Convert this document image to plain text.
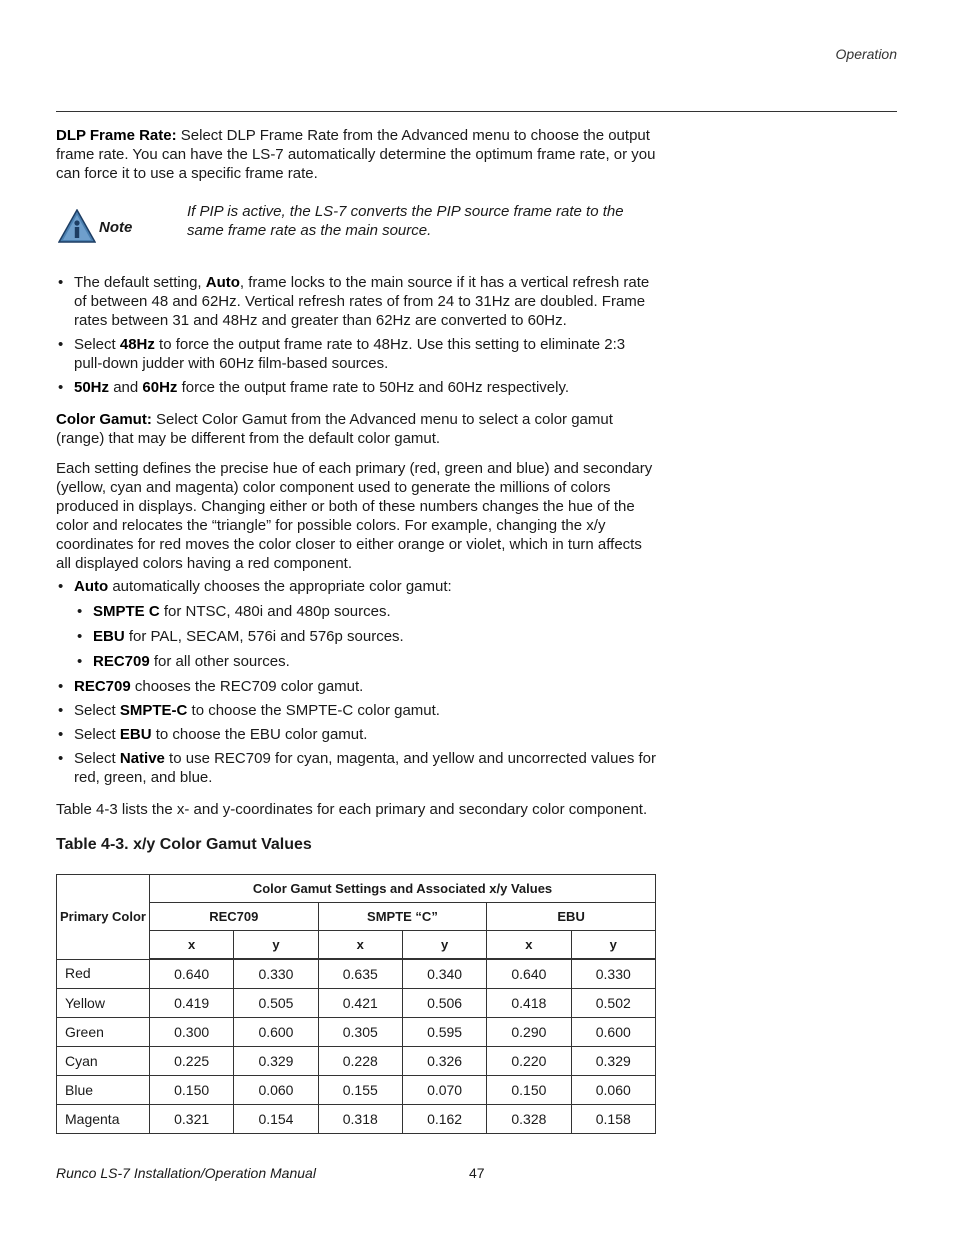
Operation

DLP Frame Rate: Select DLP Frame Rate from the Advanced menu to choose the output frame rate. You can have the LS-7 automatically determine the optimum frame rate, or you can force it to use a specific frame rate.

If PIP is active, the LS-7 converts the PIP source frame rate to the same frame rate as the main source.
Note
• The default setting, Auto, frame locks to the main source if it has a vertical refresh rate of between 48 and 62Hz. Vertical refresh rates of from 24 to 31Hz are doubled. Frame rates between 31 and 48Hz and greater than 62Hz are converted to 60Hz.
• Select 48Hz to force the output frame rate to 48Hz. Use this setting to eliminate 2:3 pull-down judder with 60Hz film-based sources.
• 50Hz and 60Hz force the output frame rate to 50Hz and 60Hz respectively.

Color Gamut: Select Color Gamut from the Advanced menu to select a color gamut (range) that may be different from the default color gamut.

Each setting defines the precise hue of each primary (red, green and blue) and secondary (yellow, cyan and magenta) color component used to generate the millions of colors produced in displays. Changing either or both of these numbers changes the hue of the color and relocates the “triangle” for possible colors. For example, changing the x/y coordinates for red moves the color closer to either orange or violet, which in turn affects all displayed colors having a red component.

• Auto automatically chooses the appropriate color gamut:
• SMPTE C for NTSC, 480i and 480p sources.
• EBU for PAL, SECAM, 576i and 576p sources.
• REC709 for all other sources.
• REC709 chooses the REC709 color gamut.
• Select SMPTE-C to choose the SMPTE-C color gamut.
• Select EBU to choose the EBU color gamut.
• Select Native to use REC709 for cyan, magenta, and yellow and uncorrected values for red, green, and blue.

Table 4-3 lists the x- and y-coordinates for each primary and secondary color component.

Table 4-3. x/y Color Gamut Values
Primary Color	Color Gamut Settings and Associated x/y Values					
	REC709		SMPTE “C”		EBU	
	x	y	x	y	x	y
Red	0.640	0.330	0.635	0.340	0.640	0.330
Yellow	0.419	0.505	0.421	0.506	0.418	0.502
Green	0.300	0.600	0.305	0.595	0.290	0.600
Cyan	0.225	0.329	0.228	0.326	0.220	0.329
Blue	0.150	0.060	0.155	0.070	0.150	0.060
Magenta	0.321	0.154	0.318	0.162	0.328	0.158
Runco LS-7 Installation/Operation Manual	47
